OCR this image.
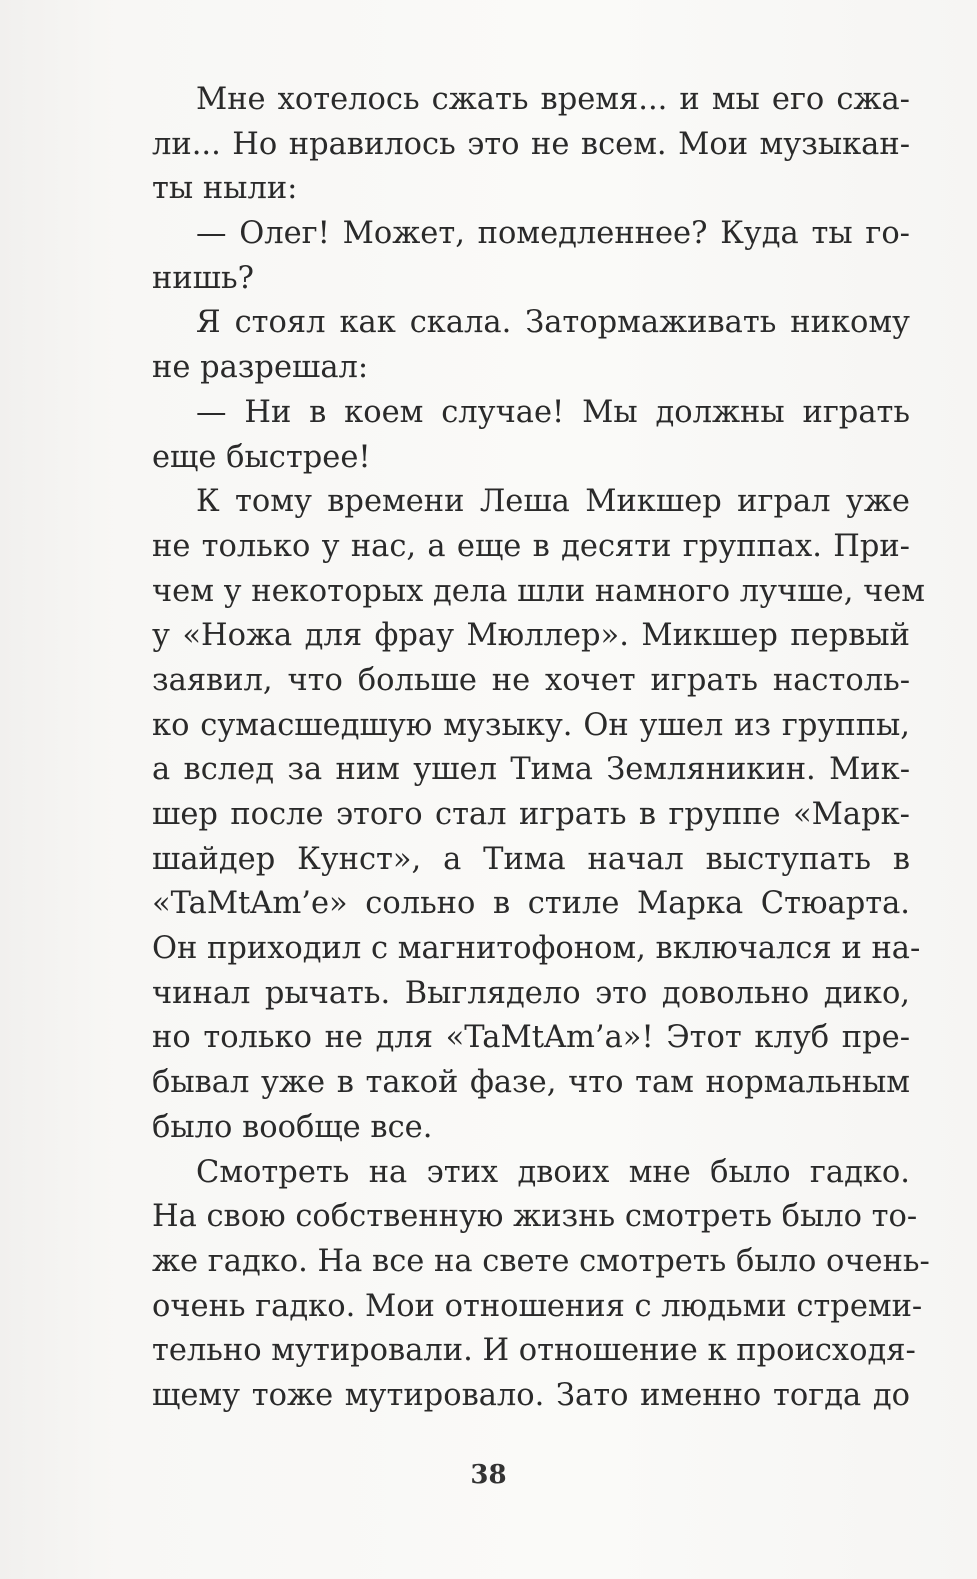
Мне хотелось сжать время... и мы его сжа-
ли... Но нравилось это не всем. Мои музыкан-
ты ныли:
— Олег! Может, помедленнее? Куда ты го-
нишь?
Я стоял как скала. Затормаживать никому
не разрешал:
— Ни в коем случае! Мы должны играть
еще быстрее!
К тому времени Леша Микшер играл уже
не только у нас, а еще в десяти группах. При-
чем у некоторых дела шли намного лучше, чем
у «Ножа для фрау Мюллер». Микшер первый
заявил, что больше не хочет играть настоль-
ко сумасшедшую музыку. Он ушел из группы,
а вслед за ним ушел Тима Земляникин. Мик-
шер после этого стал играть в группе «Марк-
шайдер Кунст», а Тима начал выступать в
«TaMtAm’e» сольно в стиле Марка Стюарта.
Он приходил с магнитофоном, включался и на-
чинал рычать. Выглядело это довольно дико,
но только не для «TaMtAm’a»! Этот клуб пре-
бывал уже в такой фазе, что там нормальным
было вообще все.
Смотреть на этих двоих мне было гадко.
На свою собственную жизнь смотреть было то-
же гадко. На все на свете смотреть было очень-
очень гадко. Мои отношения с людьми стреми-
тельно мутировали. И отношение к происходя-
щему тоже мутировало. Зато именно тогда до
38
